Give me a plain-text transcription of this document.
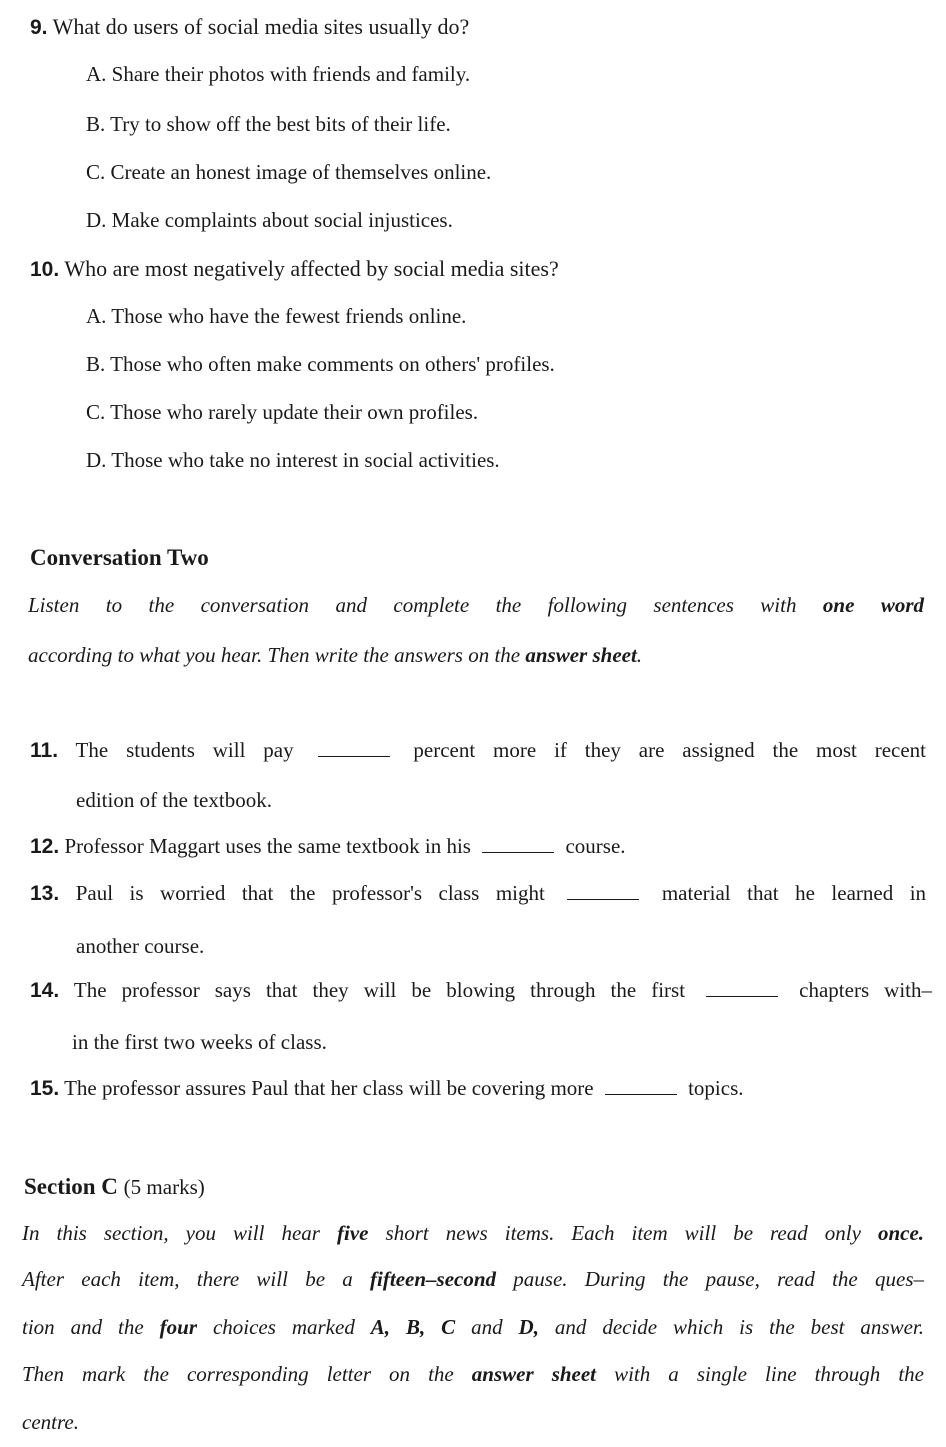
9. What do users of social media sites usually do?
A. Share their photos with friends and family.
B. Try to show off the best bits of their life.
C. Create an honest image of themselves online.
D. Make complaints about social injustices.
10. Who are most negatively affected by social media sites?
A. Those who have the fewest friends online.
B. Those who often make comments on others' profiles.
C. Those who rarely update their own profiles.
D. Those who take no interest in social activities.
Conversation Two
Listen to the conversation and complete the following sentences with one word
according to what you hear. Then write the answers on the answer sheet.
11. The students will pay	percent more if they are assigned the most recent
edition of the textbook.
12. Professor Maggart uses the same textbook in his	course.
13. Paul is worried that the professor's class might	material that he learned in
another course.
14. The professor says that they will be blowing through the first	chapters with–
in the first two weeks of class.
15. The professor assures Paul that her class will be covering more	topics.
Section C (5 marks)
In this section, you will hear five short news items. Each item will be read only once.
After each item, there will be a fifteen–second pause. During the pause, read the ques–
tion and the four choices marked A, B, C and D, and decide which is the best answer.
Then mark the corresponding letter on the answer sheet with a single line through the
centre.
